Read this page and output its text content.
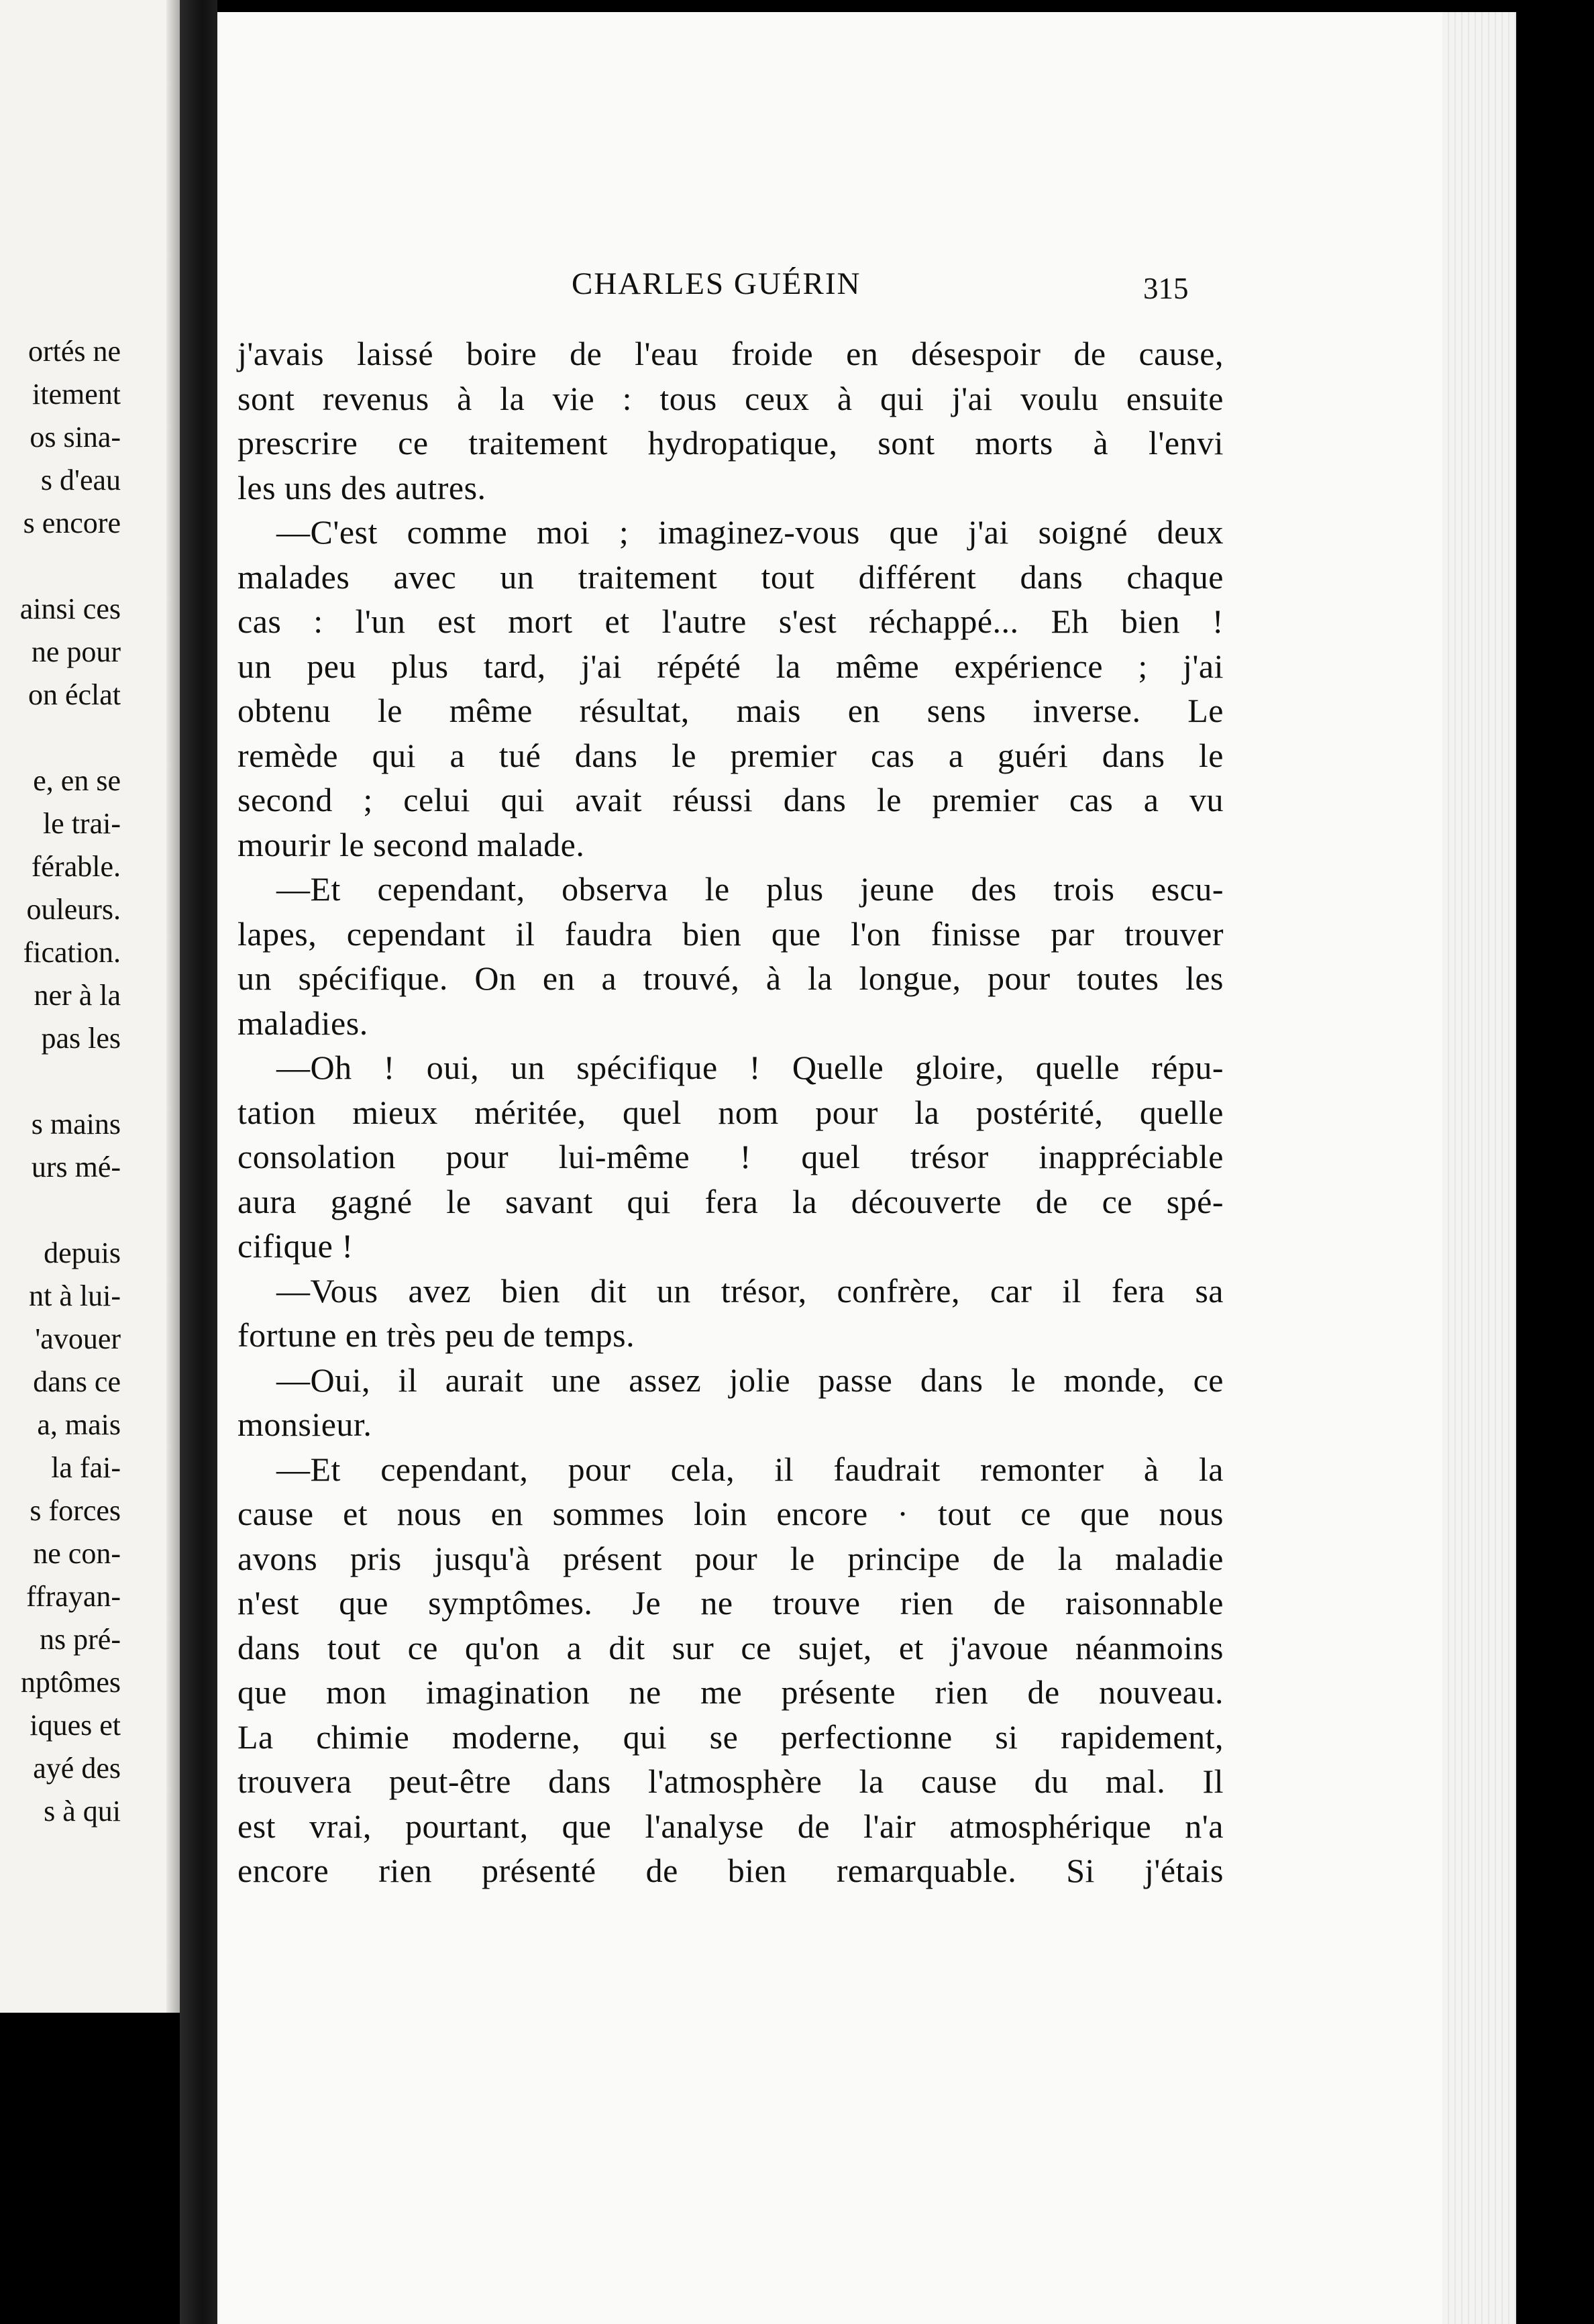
ortés ne
itement
os sina-
s d'eau
s encore
ainsi ces
ne pour
on éclat
e, en se
le trai-
férable.
ouleurs.
fication.
ner à la
pas les
s mains
urs mé-
depuis
nt à lui-
'avouer
dans ce
a, mais
la fai-
s forces
ne con-
ffrayan-
ns pré-
nptômes
iques et
ayé des
s à qui
CHARLES GUÉRIN	315
j'avais laissé boire de l'eau froide en désespoir de cause,
sont revenus à la vie : tous ceux à qui j'ai voulu ensuite
prescrire ce traitement hydropatique, sont morts à l'envi
les uns des autres.
—C'est comme moi ; imaginez-vous que j'ai soigné deux
malades avec un traitement tout différent dans chaque
cas : l'un est mort et l'autre s'est réchappé... Eh bien !
un peu plus tard, j'ai répété la même expérience ; j'ai
obtenu le même résultat, mais en sens inverse. Le
remède qui a tué dans le premier cas a guéri dans le
second ; celui qui avait réussi dans le premier cas a vu
mourir le second malade.
—Et cependant, observa le plus jeune des trois escu-
lapes, cependant il faudra bien que l'on finisse par trouver
un spécifique. On en a trouvé, à la longue, pour toutes les
maladies.
—Oh ! oui, un spécifique ! Quelle gloire, quelle répu-
tation mieux méritée, quel nom pour la postérité, quelle
consolation pour lui-même ! quel trésor inappréciable
aura gagné le savant qui fera la découverte de ce spé-
cifique !
—Vous avez bien dit un trésor, confrère, car il fera sa
fortune en très peu de temps.
—Oui, il aurait une assez jolie passe dans le monde, ce
monsieur.
—Et cependant, pour cela, il faudrait remonter à la
cause et nous en sommes loin encore · tout ce que nous
avons pris jusqu'à présent pour le principe de la maladie
n'est que symptômes. Je ne trouve rien de raisonnable
dans tout ce qu'on a dit sur ce sujet, et j'avoue néanmoins
que mon imagination ne me présente rien de nouveau.
La chimie moderne, qui se perfectionne si rapidement,
trouvera peut-être dans l'atmosphère la cause du mal. Il
est vrai, pourtant, que l'analyse de l'air atmosphérique n'a
encore rien présenté de bien remarquable. Si j'étais
